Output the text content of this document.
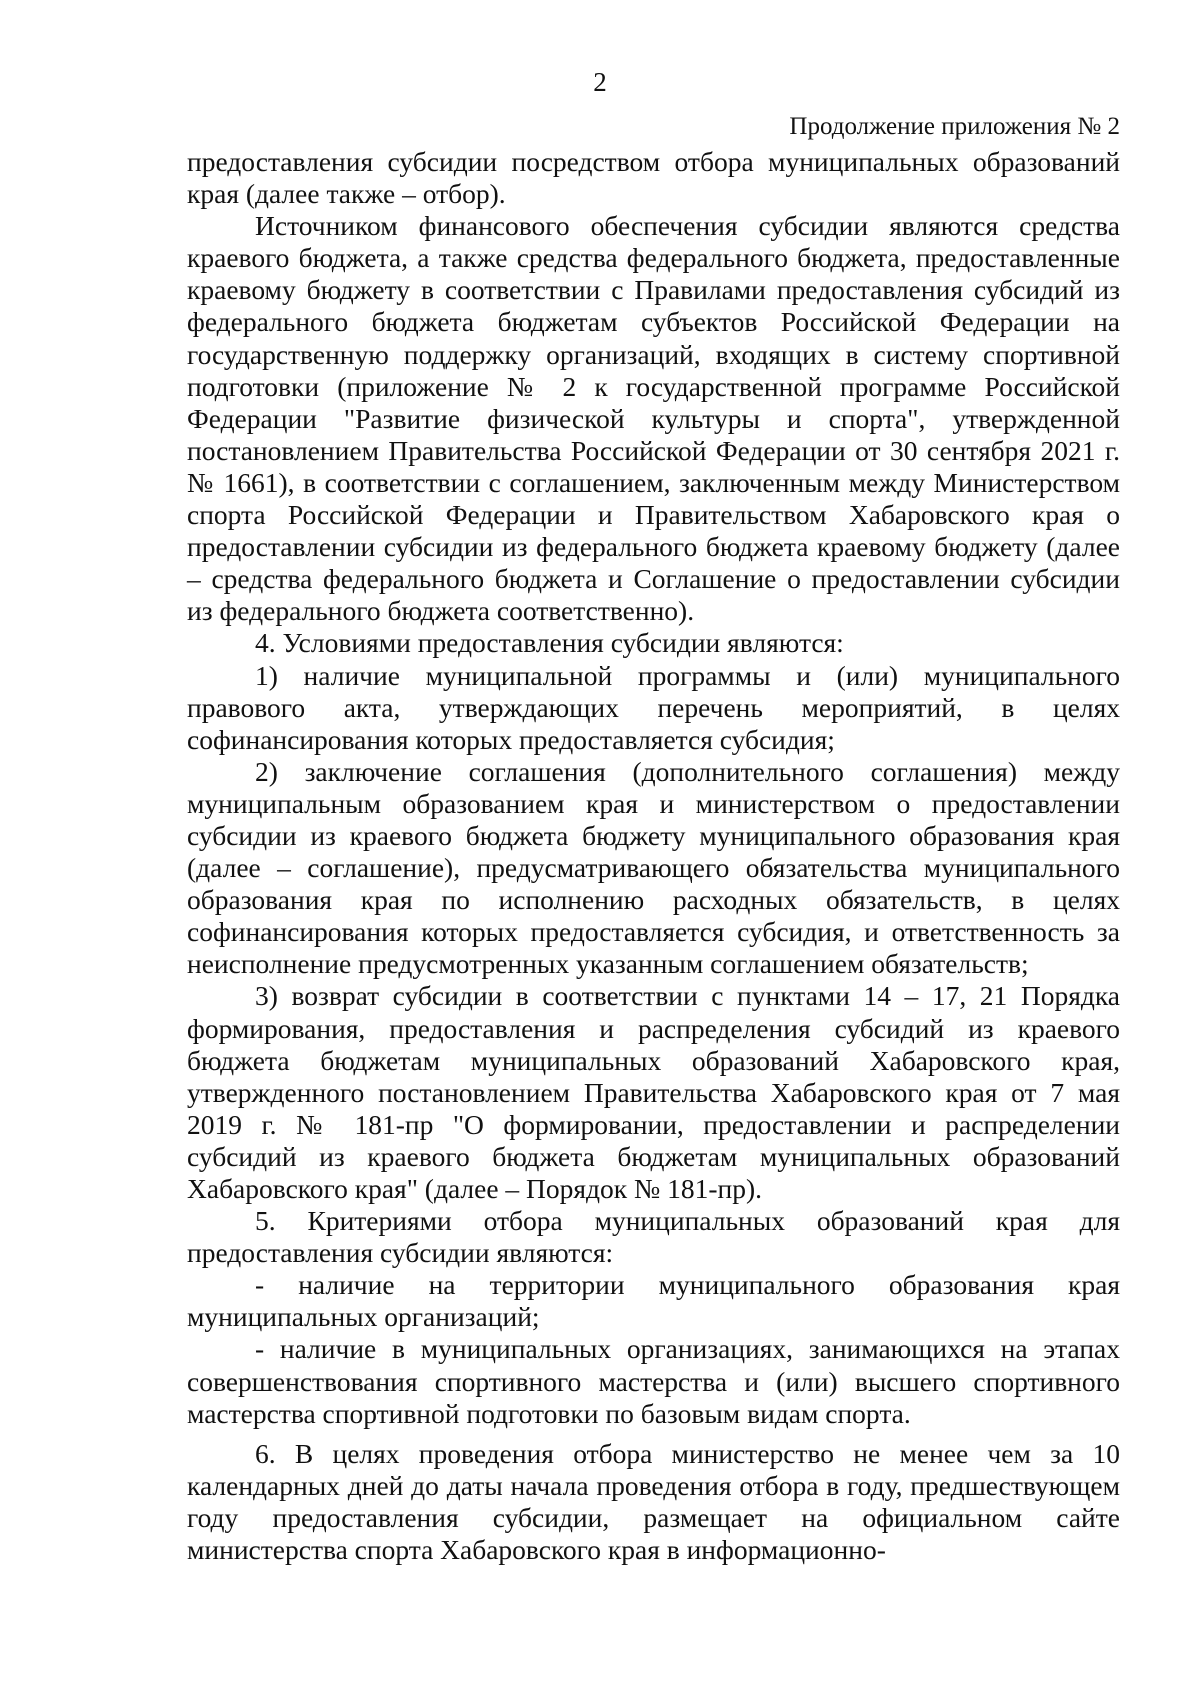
2
Продолжение приложения № 2

предоставления субсидии посредством отбора муниципальных образований края (далее также – отбор).

Источником финансового обеспечения субсидии являются средства краевого бюджета, а также средства федерального бюджета, предоставленные краевому бюджету в соответствии с Правилами предоставления субсидий из федерального бюджета бюджетам субъектов Российской Федерации на государственную поддержку организаций, входящих в систему спортивной подготовки (приложение № 2 к государственной программе Российской Федерации "Развитие физической культуры и спорта", утвержденной постановлением Правительства Российской Федерации от 30 сентября 2021 г. № 1661), в соответствии с соглашением, заключенным между Министерством спорта Российской Федерации и Правительством Хабаровского края о предоставлении субсидии из федерального бюджета краевому бюджету (далее – средства федерального бюджета и Соглашение о предоставлении субсидии из федерального бюджета соответственно).

4. Условиями предоставления субсидии являются:

1) наличие муниципальной программы и (или) муниципального правового акта, утверждающих перечень мероприятий, в целях софинансирования которых предоставляется субсидия;

2) заключение соглашения (дополнительного соглашения) между муниципальным образованием края и министерством о предоставлении субсидии из краевого бюджета бюджету муниципального образования края (далее – соглашение), предусматривающего обязательства муниципального образования края по исполнению расходных обязательств, в целях софинансирования которых предоставляется субсидия, и ответственность за неисполнение предусмотренных указанным соглашением обязательств;

3) возврат субсидии в соответствии с пунктами 14 – 17, 21 Порядка формирования, предоставления и распределения субсидий из краевого бюджета бюджетам муниципальных образований Хабаровского края, утвержденного постановлением Правительства Хабаровского края от 7 мая 2019 г. № 181-пр "О формировании, предоставлении и распределении субсидий из краевого бюджета бюджетам муниципальных образований Хабаровского края" (далее – Порядок № 181-пр).

5. Критериями отбора муниципальных образований края для предоставления субсидии являются:

- наличие на территории муниципального образования края муниципальных организаций;

- наличие в муниципальных организациях, занимающихся на этапах совершенствования спортивного мастерства и (или) высшего спортивного мастерства спортивной подготовки по базовым видам спорта.

6. В целях проведения отбора министерство не менее чем за 10 календарных дней до даты начала проведения отбора в году, предшествующем году предоставления субсидии, размещает на официальном сайте министерства спорта Хабаровского края в информационно-
